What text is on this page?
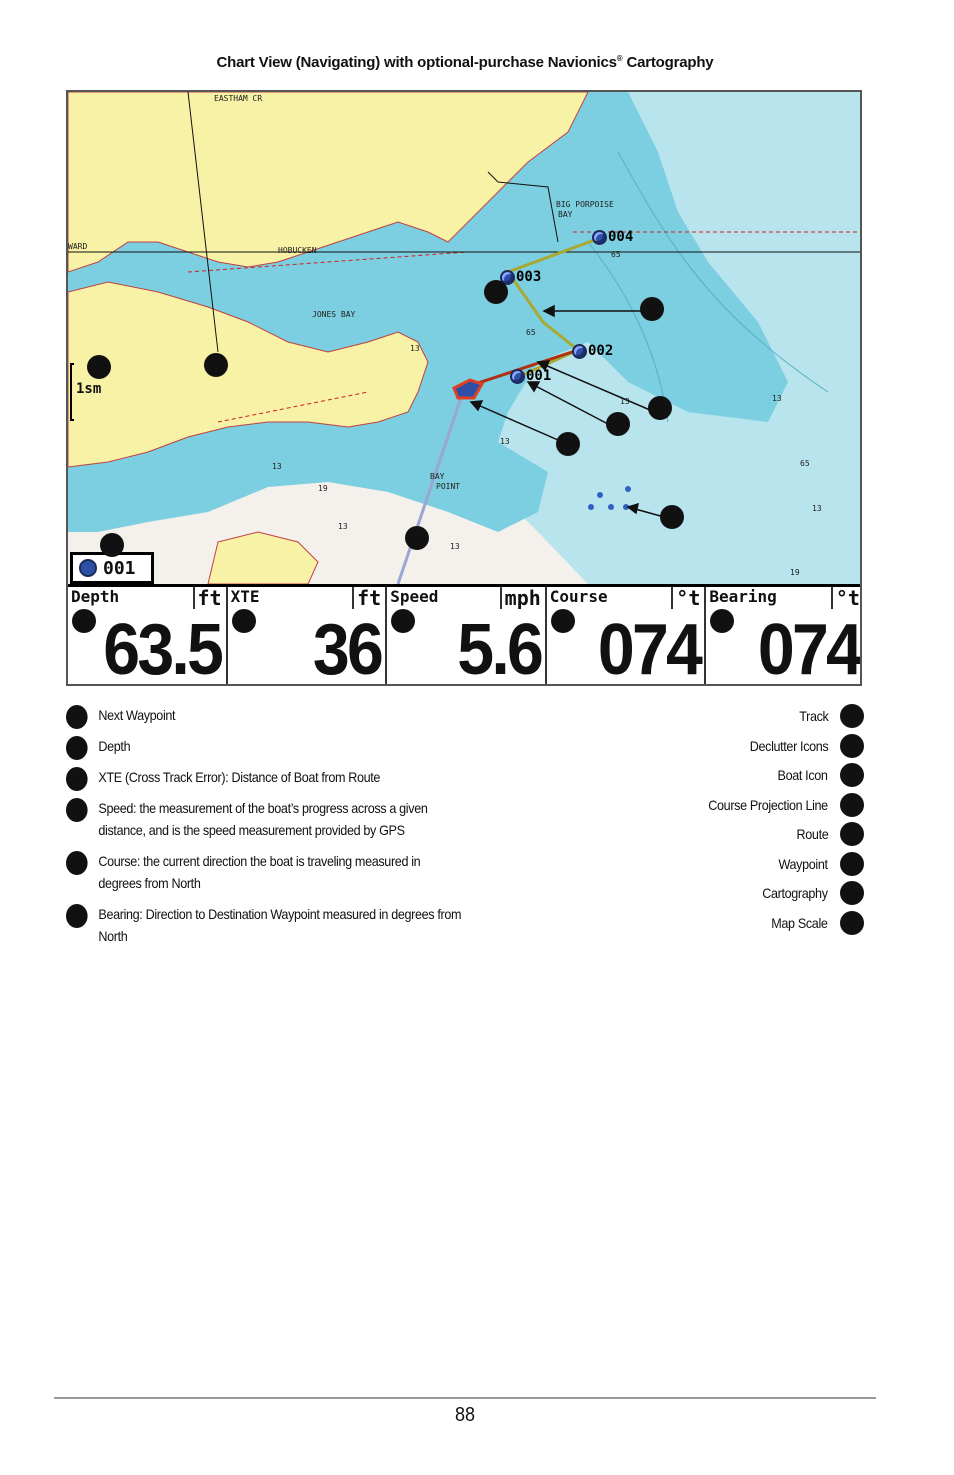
Chart View (Navigating) with optional-purchase Navionics® Cartography
EASTHAM CR
BIG PORPOISE
BAY
HOBUCKEN
WARD
JONES BAY
BAY
POINT
13
13
13	13
13
13
19
19
65
65
65
13
13
004
003
002
001
1sm
001
Depth	ft
63.5
XTE	ft
36
Speed	mph
5.6
Course	°t
074
Bearing	°t
074
Next Waypoint
Depth
XTE (Cross Track Error): Distance of Boat from Route
Speed: the measurement of the boat’s progress across a given distance, and is the speed measurement provided by GPS
Course: the current direction the boat is traveling measured in degrees from North
Bearing: Direction to Destination Waypoint measured in degrees from North
Track
Declutter Icons
Boat Icon
Course Projection Line
Route
Waypoint
Cartography
Map Scale
88
